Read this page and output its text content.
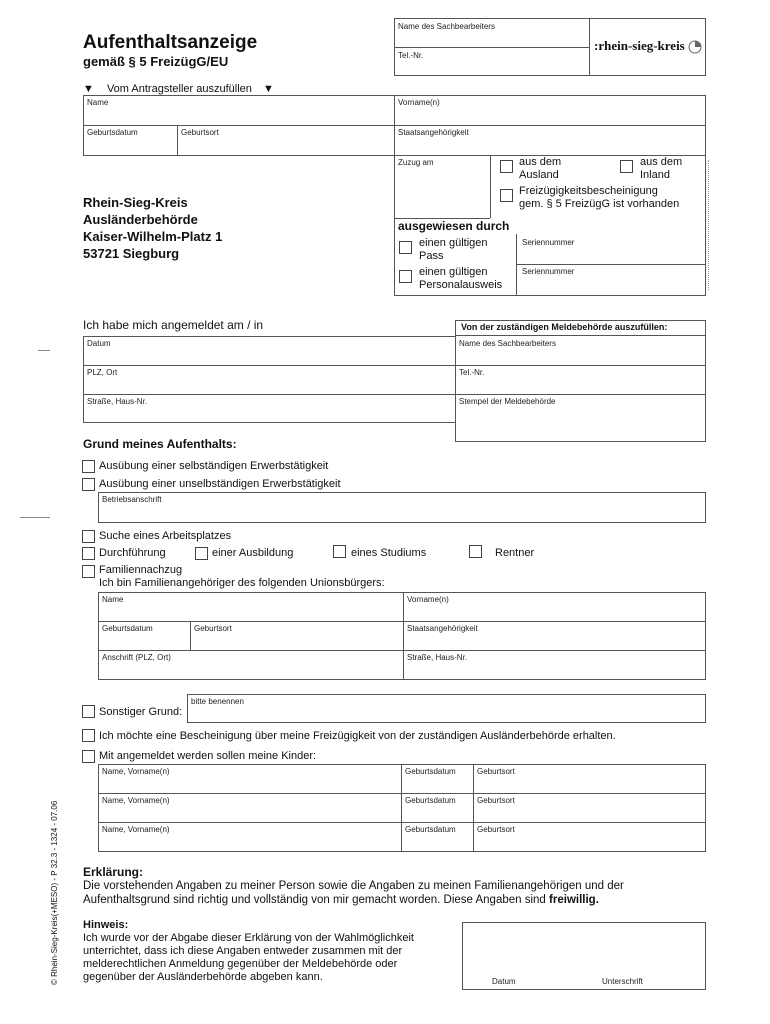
Aufenthaltsanzeige
gemäß § 5 FreizügG/EU
Name des Sachbearbeiters
Tel.-Nr.
:rhein-sieg-kreis
▼ Vom Antragsteller auszufüllen ▼
Name	Vorname(n)
Geburtsdatum	Geburtsort	Staatsangehörigkeit
Zuzug am	aus dem
Ausland
aus dem
Inland
Freizügigkeitsbescheinigung
gem. § 5 FreizügG ist vorhanden
ausgewiesen durch
einen gültigen
Pass
Seriennummer
einen gültigen
Personalausweis
Seriennummer
Rhein-Sieg-Kreis
Ausländerbehörde
Kaiser-Wilhelm-Platz 1
53721 Siegburg
Ich habe mich angemeldet am / in
Datum
PLZ, Ort
Straße, Haus-Nr.
Von der zuständigen Meldebehörde auszufüllen:
Name des Sachbearbeiters
Tel.-Nr.
Stempel der Meldebehörde
Grund meines Aufenthalts:
Ausübung einer selbständigen Erwerbstätigkeit
Ausübung einer unselbständigen Erwerbstätigkeit
Betriebsanschrift
Suche eines Arbeitsplatzes
Durchführung	einer Ausbildung	eines Studiums	Rentner
Familiennachzug
Ich bin Familienangehöriger des folgenden Unionsbürgers:
Name	Vorname(n)
Geburtsdatum	Geburtsort	Staatsangehörigkeit
Anschrift (PLZ, Ort)	Straße, Haus-Nr.
Sonstiger Grund:
bitte benennen
Ich möchte eine Bescheinigung über meine Freizügigkeit von der zuständigen Ausländerbehörde erhalten.
Mit angemeldet werden sollen meine Kinder:
Name, Vorname(n)	Geburtsdatum	Geburtsort
Name, Vorname(n)	Geburtsdatum	Geburtsort
Name, Vorname(n)	Geburtsdatum	Geburtsort
Erklärung:
Die vorstehenden Angaben zu meiner Person sowie die Angaben zu meinen Familienangehörigen und der
Aufenthaltsgrund sind richtig und vollständig von mir gemacht worden. Diese Angaben sind freiwillig.
Hinweis:
Ich wurde vor der Abgabe dieser Erklärung von der Wahlmöglichkeit
unterrichtet, dass ich diese Angaben entweder zusammen mit der
melderechtlichen Anmeldung gegenüber der Meldebehörde oder
gegenüber der Ausländerbehörde abgeben kann.	Datum	Unterschrift
© Rhein-Sieg-Kreis(+MESO) - P 32.3 - 1324 - 07.06
